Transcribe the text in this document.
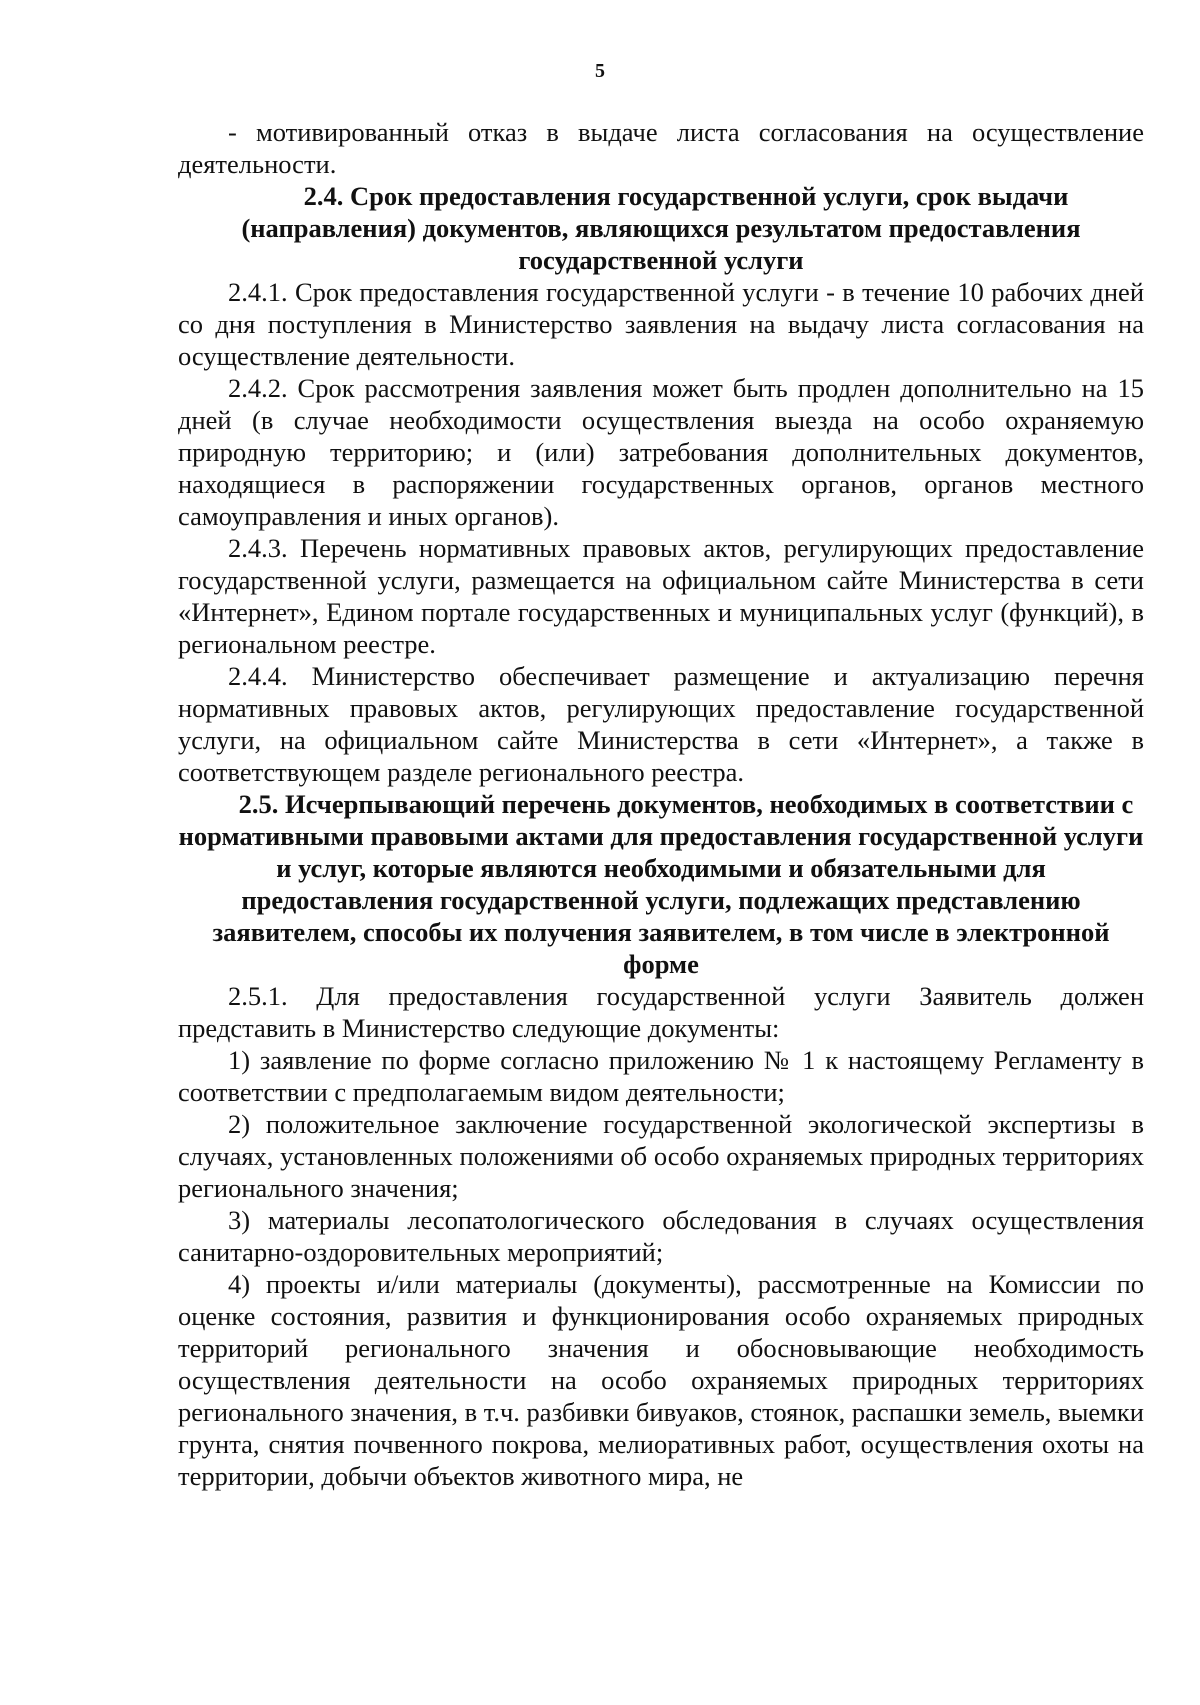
5

- мотивированный отказ в выдаче листа согласования на осуществление деятельности.

2.4. Срок предоставления государственной услуги, срок выдачи (направления) документов, являющихся результатом предоставления государственной услуги

2.4.1. Срок предоставления государственной услуги - в течение 10 рабочих дней со дня поступления в Министерство заявления на выдачу листа согласования на осуществление деятельности.

2.4.2. Срок рассмотрения заявления может быть продлен дополнительно на 15 дней (в случае необходимости осуществления выезда на особо охраняемую природную территорию; и (или) затребования дополнительных документов, находящиеся в распоряжении государственных органов, органов местного самоуправления и иных органов).

2.4.3. Перечень нормативных правовых актов, регулирующих предоставление государственной услуги, размещается на официальном сайте Министерства в сети «Интернет», Едином портале государственных и муниципальных услуг (функций), в региональном реестре.

2.4.4. Министерство обеспечивает размещение и актуализацию перечня нормативных правовых актов, регулирующих предоставление государственной услуги, на официальном сайте Министерства в сети «Интернет», а также в соответствующем разделе регионального реестра.

2.5. Исчерпывающий перечень документов, необходимых в соответствии с нормативными правовыми актами для предоставления государственной услуги и услуг, которые являются необходимыми и обязательными для предоставления государственной услуги, подлежащих представлению заявителем, способы их получения заявителем, в том числе в электронной форме

2.5.1. Для предоставления государственной услуги Заявитель должен представить в Министерство следующие документы:

1) заявление по форме согласно приложению № 1 к настоящему Регламенту в соответствии с предполагаемым видом деятельности;

2) положительное заключение государственной экологической экспертизы в случаях, установленных положениями об особо охраняемых природных территориях регионального значения;

3) материалы лесопатологического обследования в случаях осуществления санитарно-оздоровительных мероприятий;

4) проекты и/или материалы (документы), рассмотренные на Комиссии по оценке состояния, развития и функционирования особо охраняемых природных территорий регионального значения и обосновывающие необходимость осуществления деятельности на особо охраняемых природных территориях регионального значения, в т.ч. разбивки бивуаков, стоянок, распашки земель, выемки грунта, снятия почвенного покрова, мелиоративных работ, осуществления охоты на территории, добычи объектов животного мира, не
